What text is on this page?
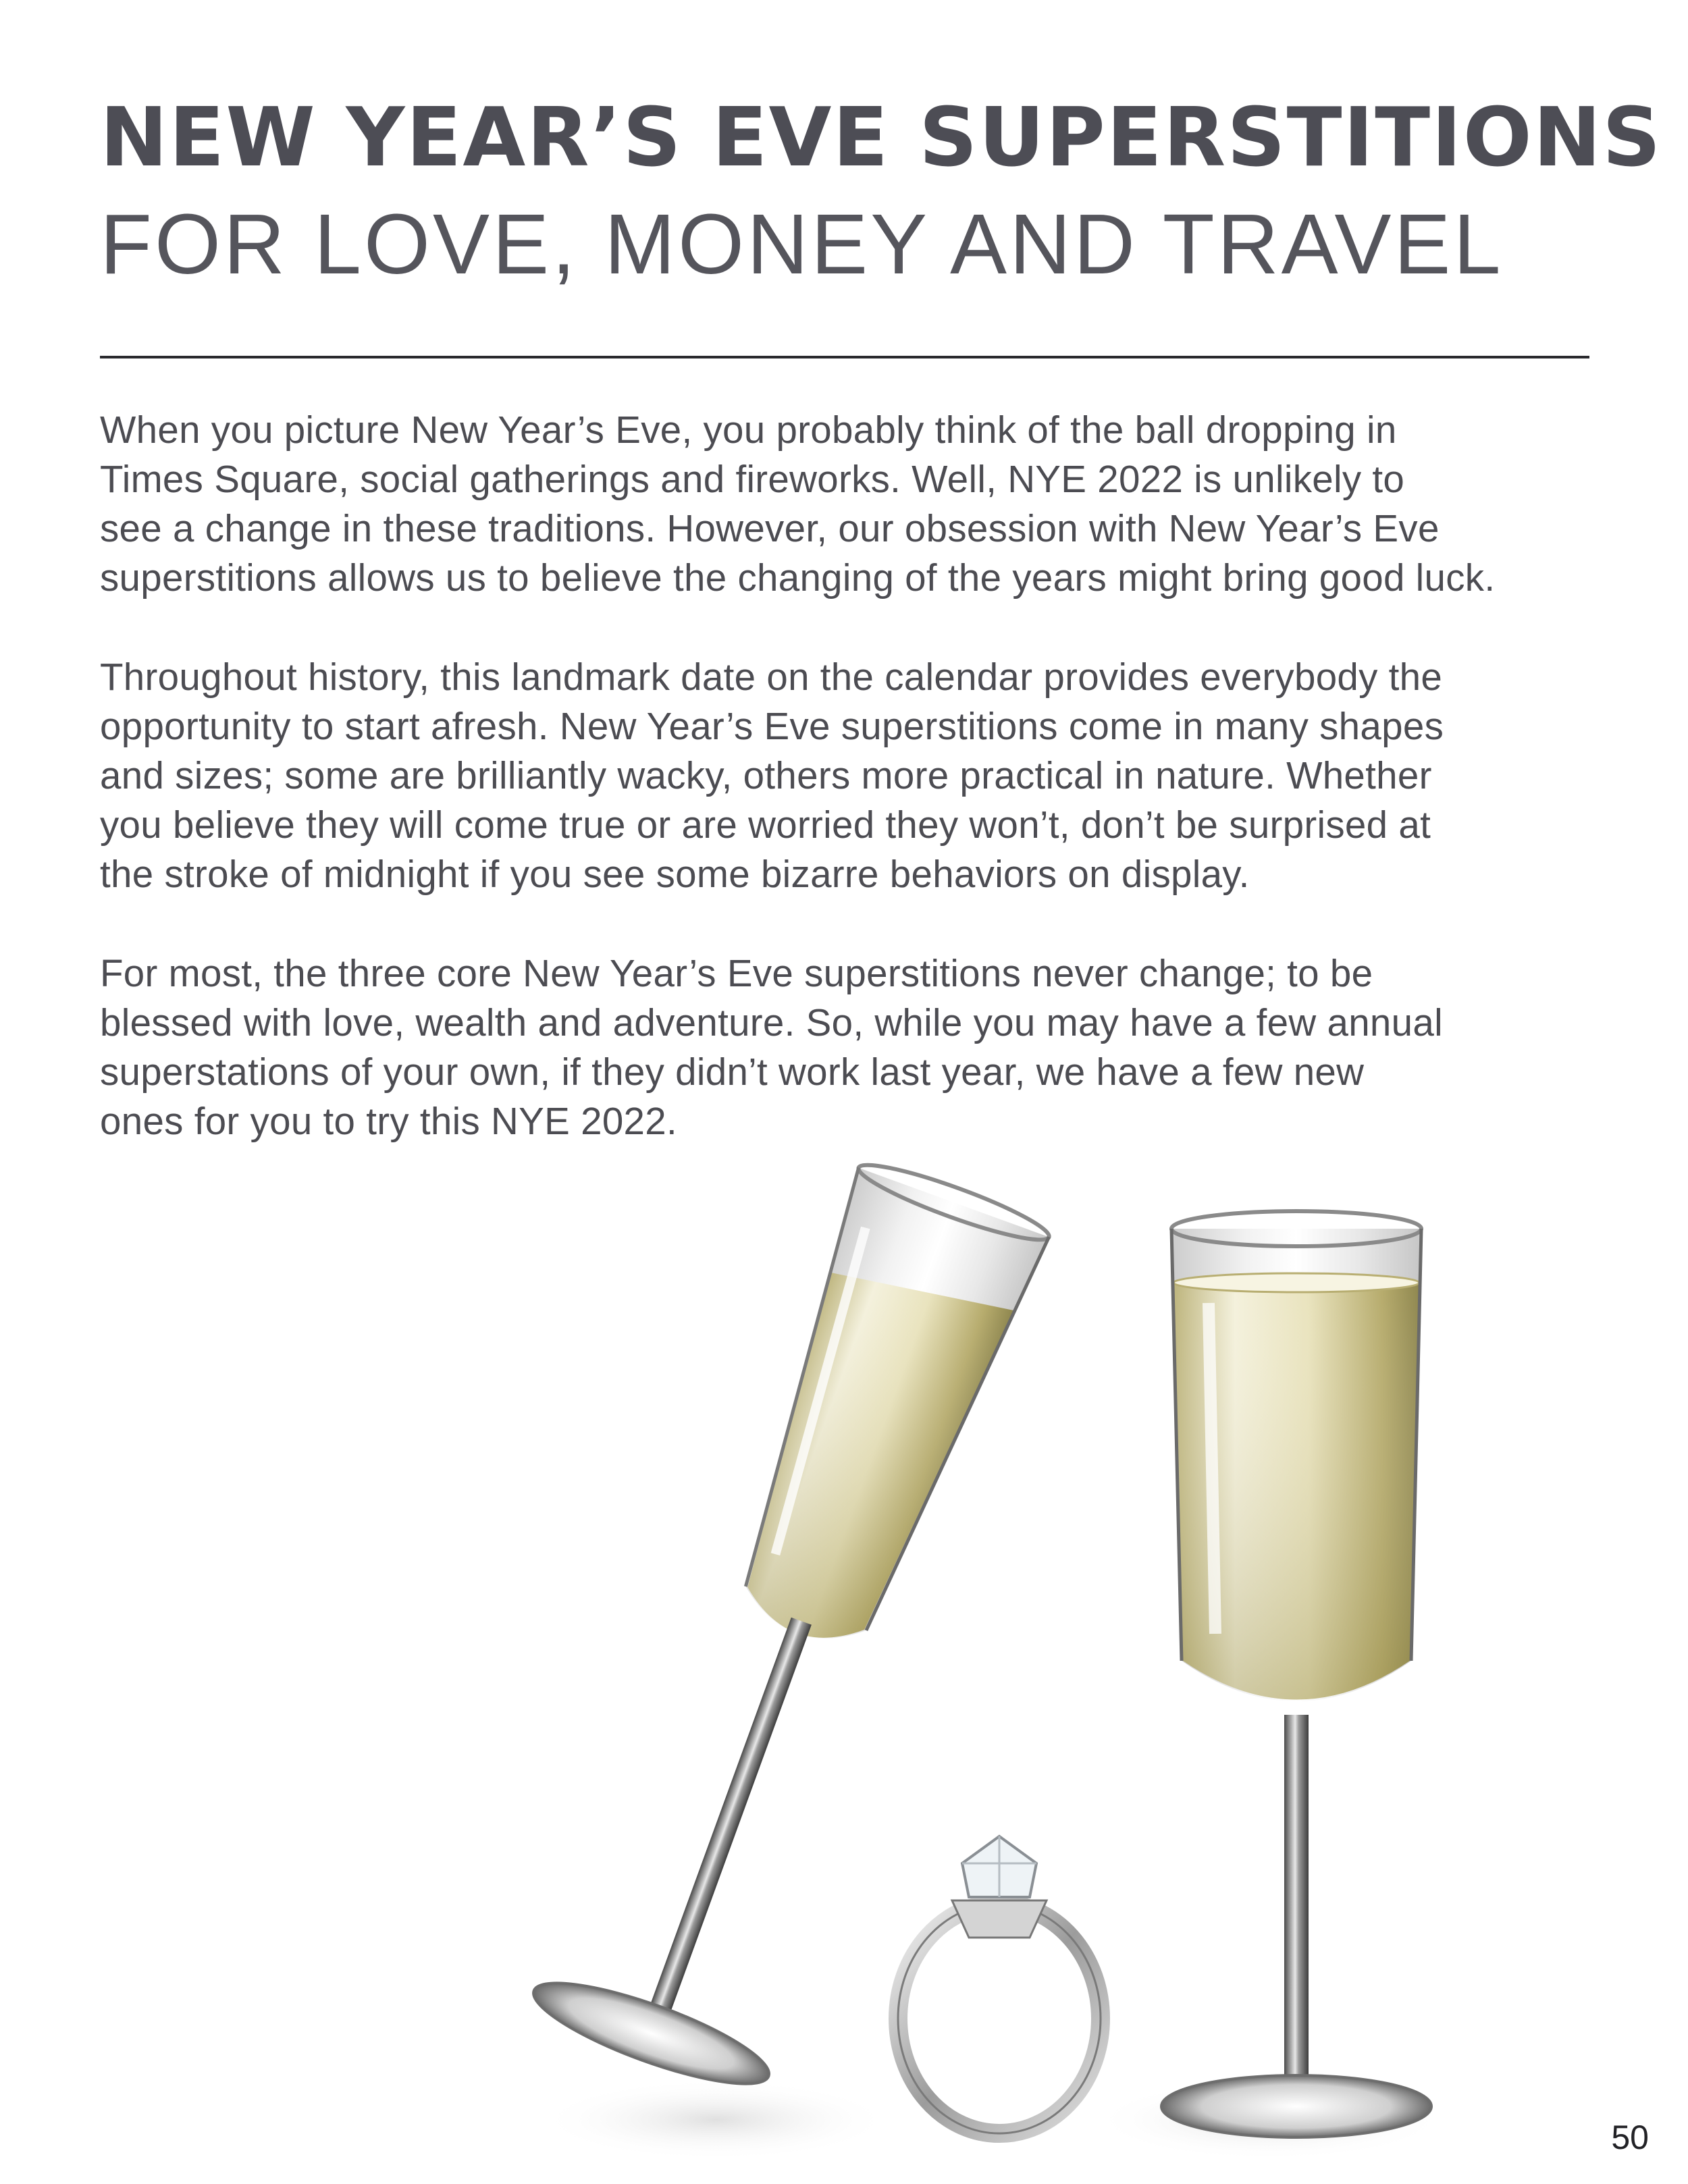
NEW YEAR’S EVE SUPERSTITIONS
FOR LOVE, MONEY AND TRAVEL

When you picture New Year’s Eve, you probably think of the ball dropping in
Times Square, social gatherings and fireworks. Well, NYE 2022 is unlikely to
see a change in these traditions. However, our obsession with New Year’s Eve
superstitions allows us to believe the changing of the years might bring good luck.

Throughout history, this landmark date on the calendar provides everybody the
opportunity to start afresh. New Year’s Eve superstitions come in many shapes
and sizes; some are brilliantly wacky, others more practical in nature. Whether
you believe they will come true or are worried they won’t, don’t be surprised at
the stroke of midnight if you see some bizarre behaviors on display.

For most, the three core New Year’s Eve superstitions never change; to be
blessed with love, wealth and adventure. So, while you may have a few annual
superstations of your own, if they didn’t work last year, we have a few new
ones for you to try this NYE 2022.

50
